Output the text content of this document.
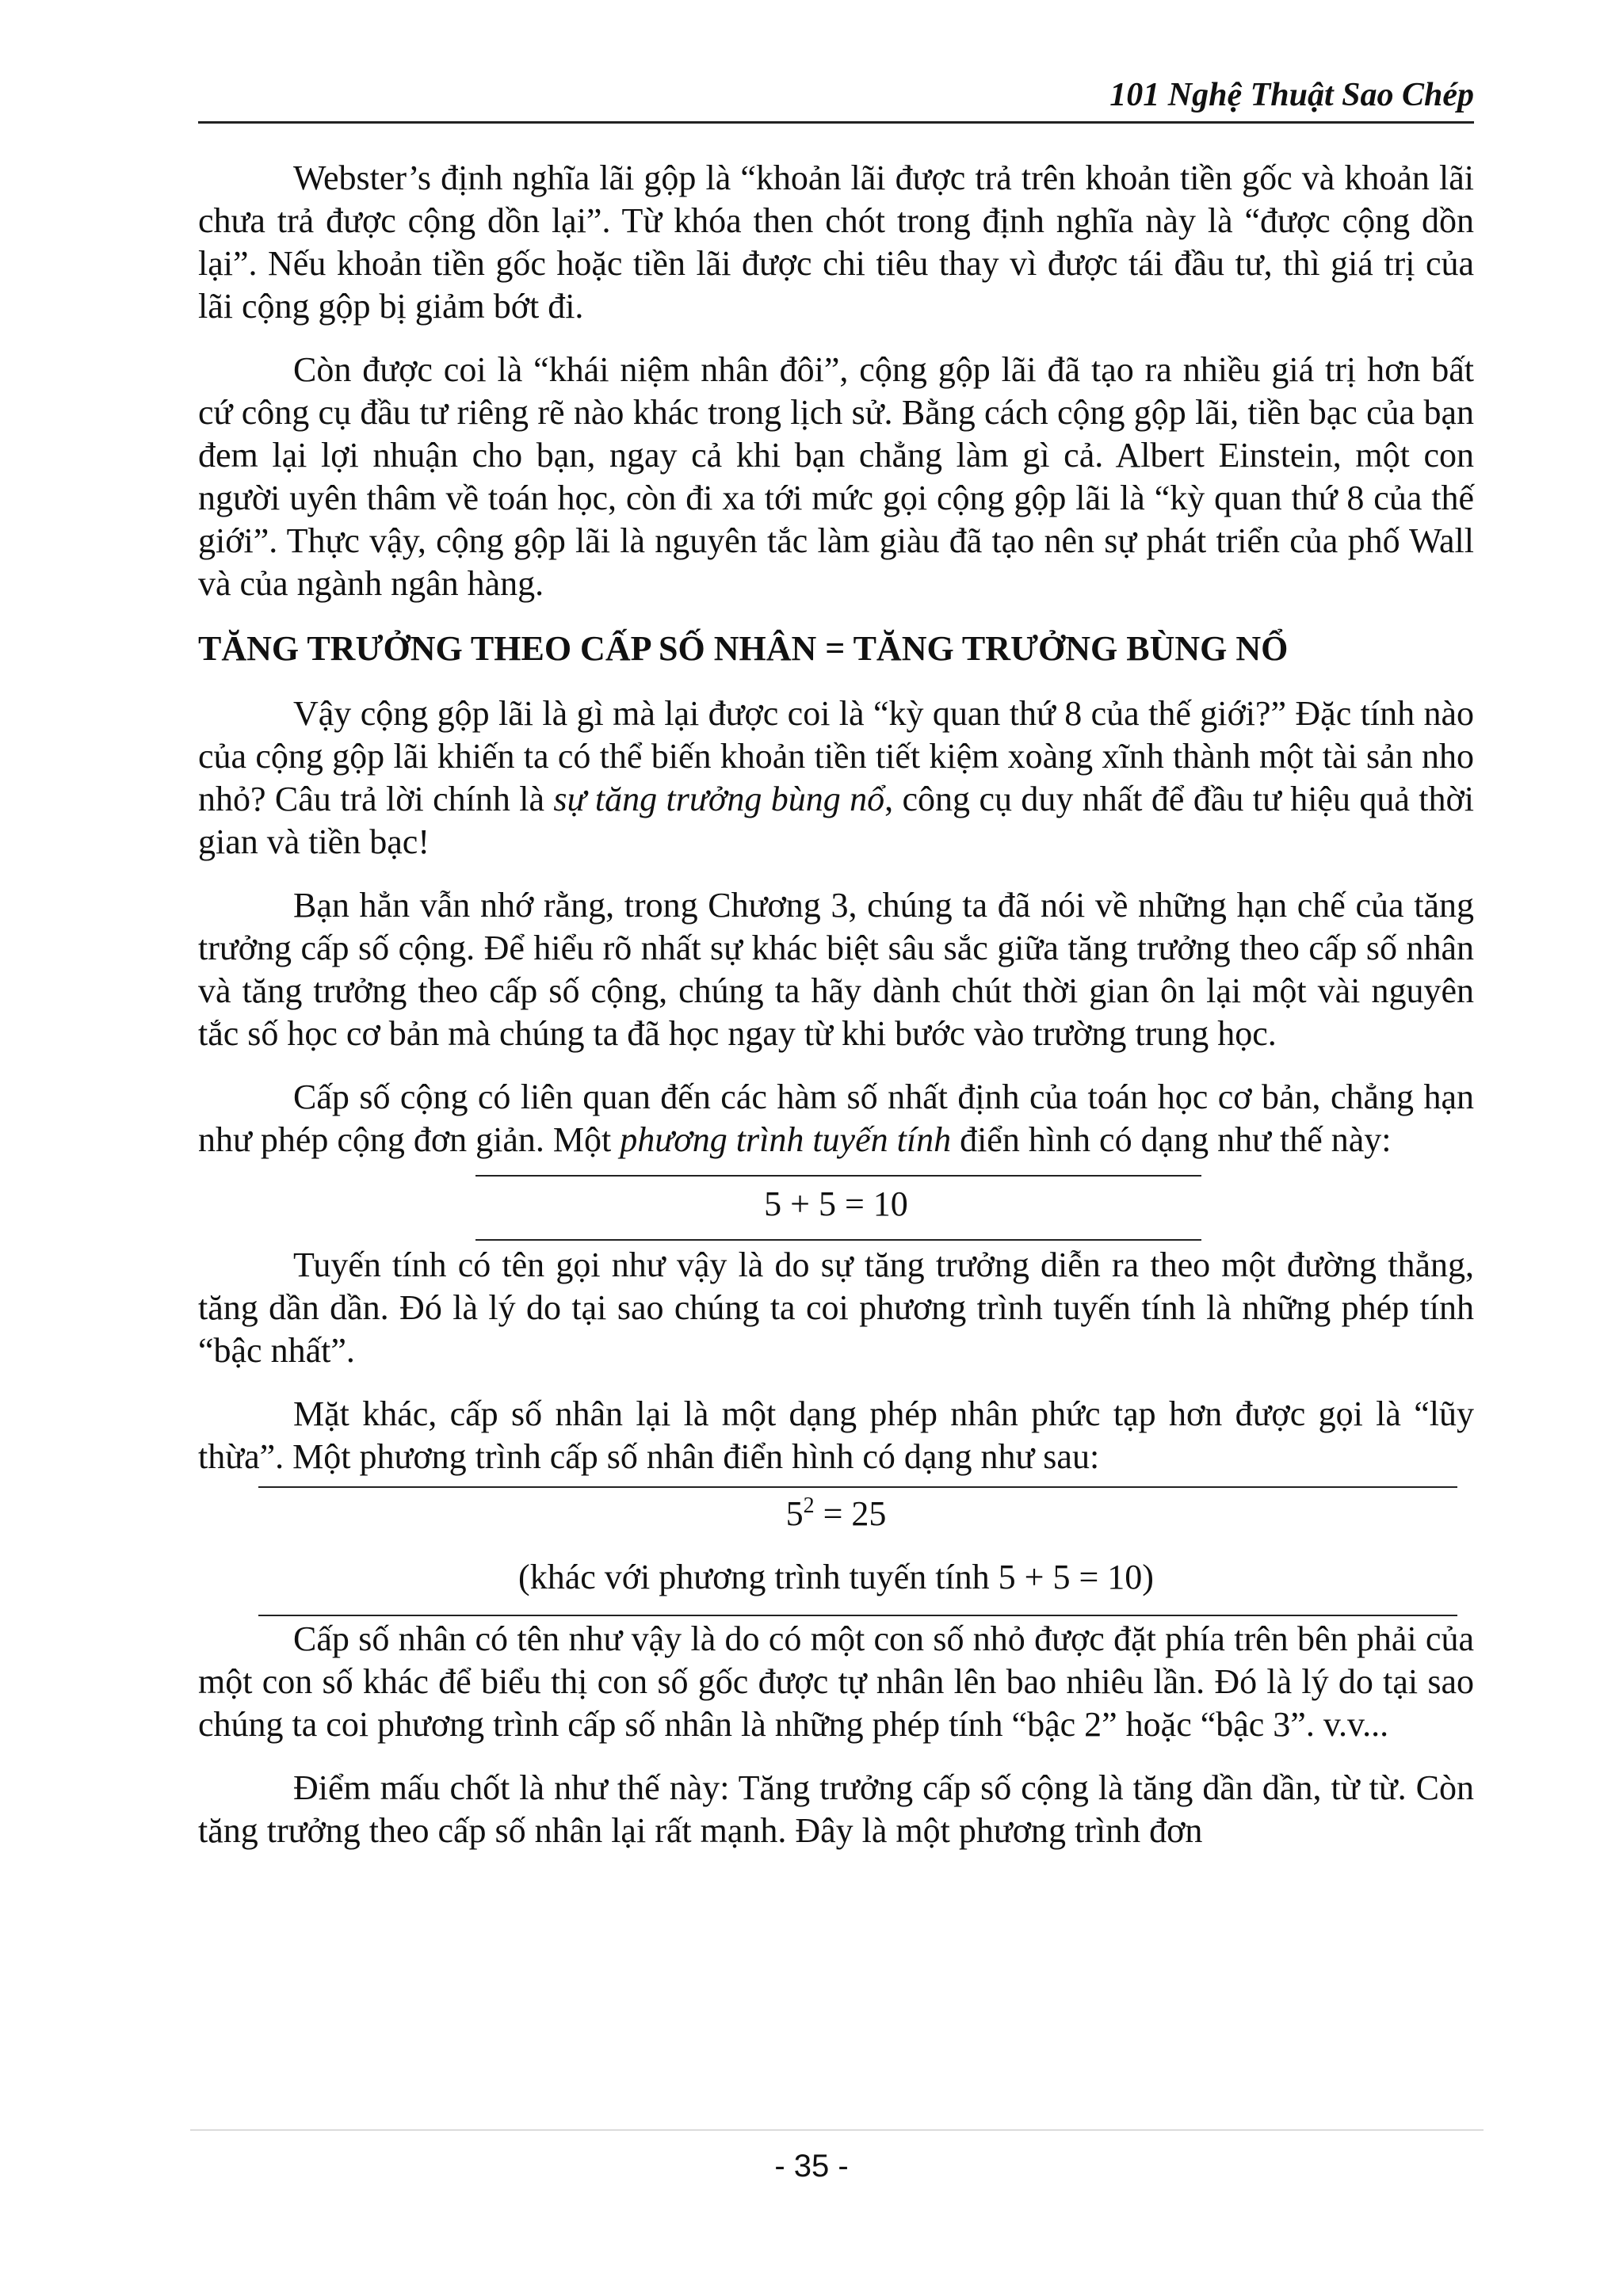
101 Nghệ Thuật Sao Chép

Webster’s định nghĩa lãi gộp là “khoản lãi được trả trên khoản tiền gốc và khoản lãi chưa trả được cộng dồn lại”. Từ khóa then chót trong định nghĩa này là “được cộng dồn lại”. Nếu khoản tiền gốc hoặc tiền lãi được chi tiêu thay vì được tái đầu tư, thì giá trị của lãi cộng gộp bị giảm bớt đi.

Còn được coi là “khái niệm nhân đôi”, cộng gộp lãi đã tạo ra nhiều giá trị hơn bất cứ công cụ đầu tư riêng rẽ nào khác trong lịch sử. Bằng cách cộng gộp lãi, tiền bạc của bạn đem lại lợi nhuận cho bạn, ngay cả khi bạn chẳng làm gì cả. Albert Einstein, một con người uyên thâm về toán học, còn đi xa tới mức gọi cộng gộp lãi là “kỳ quan thứ 8 của thế giới”. Thực vậy, cộng gộp lãi là nguyên tắc làm giàu đã tạo nên sự phát triển của phố Wall và của ngành ngân hàng.

TĂNG TRƯỞNG THEO CẤP SỐ NHÂN = TĂNG TRƯỞNG BÙNG NỔ

Vậy cộng gộp lãi là gì mà lại được coi là “kỳ quan thứ 8 của thế giới?” Đặc tính nào của cộng gộp lãi khiến ta có thể biến khoản tiền tiết kiệm xoàng xĩnh thành một tài sản nho nhỏ? Câu trả lời chính là sự tăng trưởng bùng nổ, công cụ duy nhất để đầu tư hiệu quả thời gian và tiền bạc!

Bạn hẳn vẫn nhớ rằng, trong Chương 3, chúng ta đã nói về những hạn chế của tăng trưởng cấp số cộng. Để hiểu rõ nhất sự khác biệt sâu sắc giữa tăng trưởng theo cấp số nhân và tăng trưởng theo cấp số cộng, chúng ta hãy dành chút thời gian ôn lại một vài nguyên tắc số học cơ bản mà chúng ta đã học ngay từ khi bước vào trường trung học.

Cấp số cộng có liên quan đến các hàm số nhất định của toán học cơ bản, chẳng hạn như phép cộng đơn giản. Một phương trình tuyến tính điển hình có dạng như thế này:

5 + 5 = 10

Tuyến tính có tên gọi như vậy là do sự tăng trưởng diễn ra theo một đường thẳng, tăng dần dần. Đó là lý do tại sao chúng ta coi phương trình tuyến tính là những phép tính “bậc nhất”.

Mặt khác, cấp số nhân lại là một dạng phép nhân phức tạp hơn được gọi là “lũy thừa”. Một phương trình cấp số nhân điển hình có dạng như sau:

$5^2 = 25$

(khác với phương trình tuyến tính 5 + 5 = 10)

Cấp số nhân có tên như vậy là do có một con số nhỏ được đặt phía trên bên phải của một con số khác để biểu thị con số gốc được tự nhân lên bao nhiêu lần. Đó là lý do tại sao chúng ta coi phương trình cấp số nhân là những phép tính “bậc 2” hoặc “bậc 3”. v.v...

Điểm mấu chốt là như thế này: Tăng trưởng cấp số cộng là tăng dần dần, từ từ. Còn tăng trưởng theo cấp số nhân lại rất mạnh. Đây là một phương trình đơn

- 35 -
